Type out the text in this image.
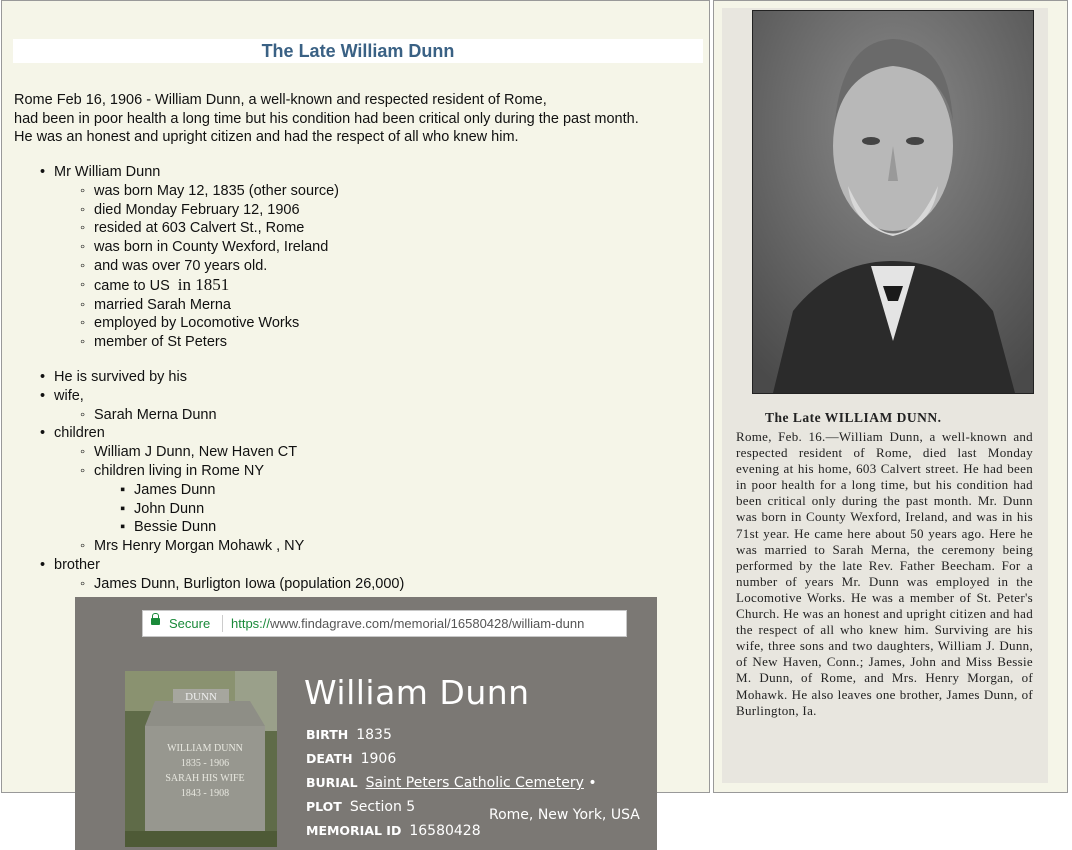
The Late William Dunn
Rome Feb 16, 1906 - William Dunn, a well-known and respected resident of Rome,
had been in poor health a long time but his condition had been critical only during the past month.
He was an honest and upright citizen and had the respect of all who knew him.
• Mr William Dunn
◦ was born May 12, 1835 (other source)
◦ died Monday February 12, 1906
◦ resided at 603 Calvert St., Rome
◦ was born in County Wexford, Ireland
◦ and was over 70 years old.
◦ came to US in 1851
◦ married Sarah Merna
◦ employed by Locomotive Works
◦ member of St Peters
• He is survived by his
• wife,
◦ Sarah Merna Dunn
• children
◦ William J Dunn, New Haven CT
◦ children living in Rome NY
▪ James Dunn
▪ John Dunn
▪ Bessie Dunn
◦ Mrs Henry Morgan Mohawk , NY
• brother
◦ James Dunn, Burligton Iowa (population 26,000)
The Late WILLIAM DUNN.
Rome, Feb. 16.—William Dunn, a well-known and respected resident of Rome, died last Monday evening at his home, 603 Calvert street. He had been in poor health for a long time, but his condition had been critical only during the past month. Mr. Dunn was born in County Wexford, Ireland, and was in his 71st year. He came here about 50 years ago. Here he was married to Sarah Merna, the ceremony being performed by the late Rev. Father Beecham. For a number of years Mr. Dunn was employed in the Locomotive Works. He was a member of St. Peter's Church. He was an honest and upright citizen and had the respect of all who knew him. Surviving are his wife, three sons and two daughters, William J. Dunn, of New Haven, Conn.; James, John and Miss Bessie M. Dunn, of Rome, and Mrs. Henry Morgan, of Mohawk. He also leaves one brother, James Dunn, of Burlington, Ia.
Secure https://www.findagrave.com/memorial/16580428/william-dunn
DUNN
WILLIAM DUNN
1835 - 1906
SARAH HIS WIFE
1843 - 1908
William Dunn
BIRTH 1835
DEATH 1906
BURIAL Saint Peters Catholic Cemetery •
PLOT Section 5
MEMORIAL ID 16580428
Rome, New York, USA
